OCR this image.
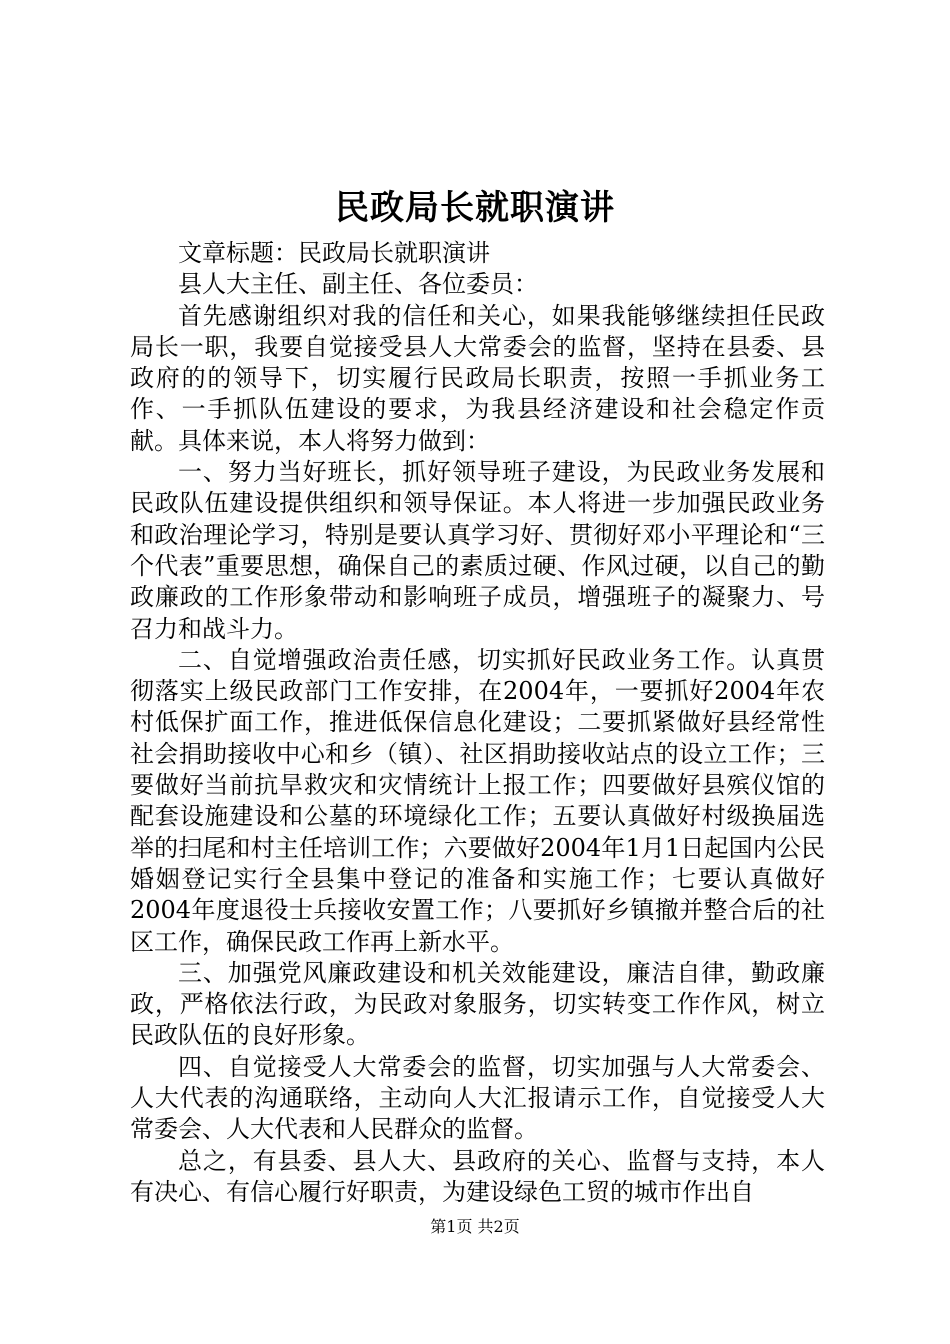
民政局长就职演讲

文章标题：民政局长就职演讲

县人大主任、副主任、各位委员：

首先感谢组织对我的信任和关心，如果我能够继续担任民政局长一职，我要自觉接受县人大常委会的监督，坚持在县委、县政府的的领导下，切实履行民政局长职责，按照一手抓业务工作、一手抓队伍建设的要求，为我县经济建设和社会稳定作贡献。具体来说，本人将努力做到：

一、努力当好班长，抓好领导班子建设，为民政业务发展和民政队伍建设提供组织和领导保证。本人将进一步加强民政业务和政治理论学习，特别是要认真学习好、贯彻好邓小平理论和“三个代表”重要思想，确保自己的素质过硬、作风过硬，以自己的勤政廉政的工作形象带动和影响班子成员，增强班子的凝聚力、号召力和战斗力。

二、自觉增强政治责任感，切实抓好民政业务工作。认真贯彻落实上级民政部门工作安排，在2004年，一要抓好2004年农村低保扩面工作，推进低保信息化建设；二要抓紧做好县经常性社会捐助接收中心和乡（镇）、社区捐助接收站点的设立工作；三要做好当前抗旱救灾和灾情统计上报工作；四要做好县殡仪馆的配套设施建设和公墓的环境绿化工作；五要认真做好村级换届选举的扫尾和村主任培训工作；六要做好2004年1月1日起国内公民婚姻登记实行全县集中登记的准备和实施工作；七要认真做好2004年度退役士兵接收安置工作；八要抓好乡镇撤并整合后的社区工作，确保民政工作再上新水平。

三、加强党风廉政建设和机关效能建设，廉洁自律，勤政廉政，严格依法行政，为民政对象服务，切实转变工作作风，树立民政队伍的良好形象。

四、自觉接受人大常委会的监督，切实加强与人大常委会、人大代表的沟通联络，主动向人大汇报请示工作，自觉接受人大常委会、人大代表和人民群众的监督。

总之，有县委、县人大、县政府的关心、监督与支持，本人有决心、有信心履行好职责，为建设绿色工贸的城市作出自

第1页 共2页
